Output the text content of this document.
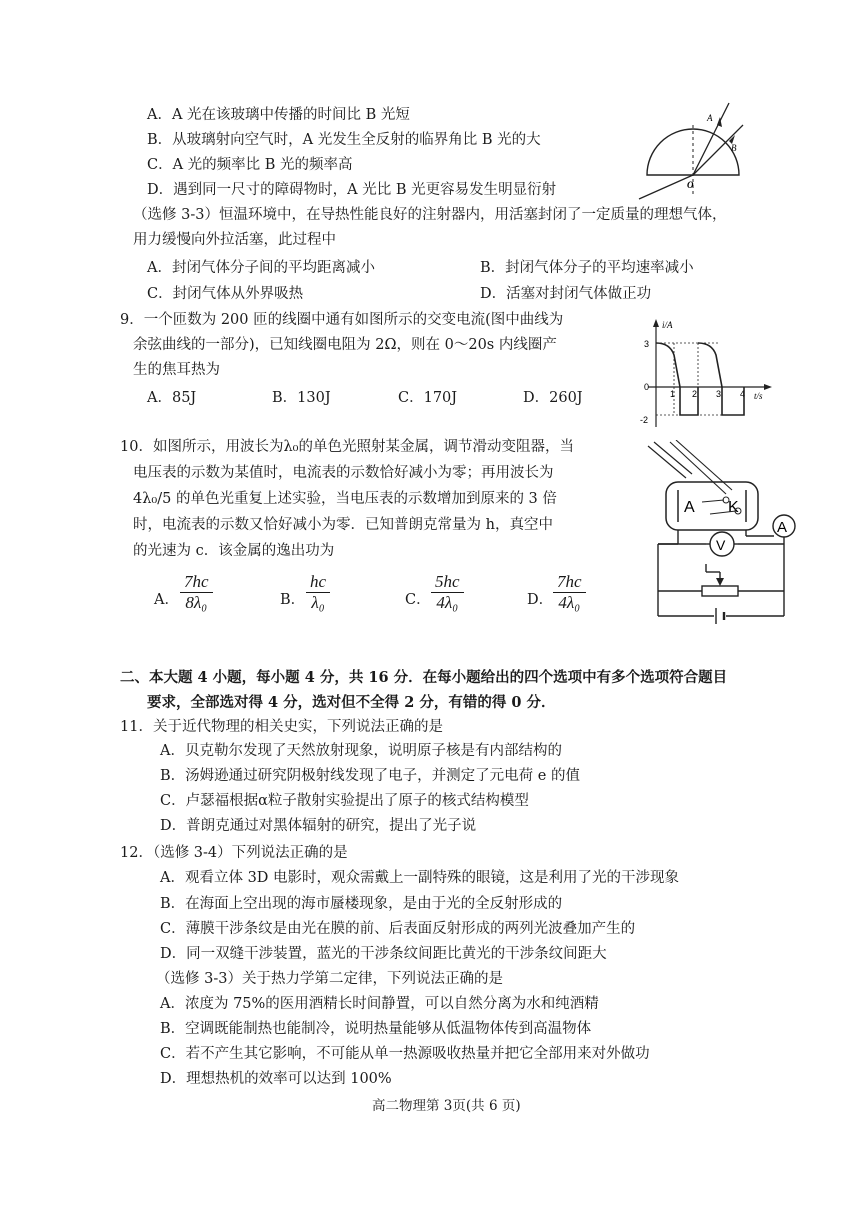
A．A 光在该玻璃中传播的时间比 B 光短
B．从玻璃射向空气时，A 光发生全反射的临界角比 B 光的大
C．A 光的频率比 B 光的频率高
D．遇到同一尺寸的障碍物时，A 光比 B 光更容易发生明显衍射
A
B
O
（选修 3-3）恒温环境中，在导热性能良好的注射器内，用活塞封闭了一定质量的理想气体，
用力缓慢向外拉活塞，此过程中
A．封闭气体分子间的平均距离减小	B．封闭气体分子的平均速率减小
C．封闭气体从外界吸热	D．活塞对封闭气体做正功
9．一个匝数为 200 匝的线圈中通有如图所示的交变电流(图中曲线为
余弦曲线的一部分)，已知线圈电阻为 2Ω，则在 0～20s 内线圈产
生的焦耳热为
A．85J	B．130J	C．170J	D．260J
i/A
t/s
3
0
-2
1 2 3 4
10．如图所示，用波长为λ₀的单色光照射某金属，调节滑动变阻器，当
电压表的示数为某值时，电流表的示数恰好减小为零；再用波长为
4λ₀/5 的单色光重复上述实验，当电压表的示数增加到原来的 3 倍
时，电流表的示数又恰好减小为零．已知普朗克常量为 h，真空中
的光速为 c．该金属的逸出功为
A． $\frac{7hc}{\text{8λ₀}}$	B． $\frac{hc}{\text{λ₀}}$	C． $\frac{5hc}{\text{4λ₀}}$	D． $\frac{7hc}{\text{4λ₀}}$
A K
A
V
二、本大题 4 小题，每小题 4 分，共 16 分．在每小题给出的四个选项中有多个选项符合题目
要求，全部选对得 4 分，选对但不全得 2 分，有错的得 0 分．
11．关于近代物理的相关史实，下列说法正确的是
A．贝克勒尔发现了天然放射现象，说明原子核是有内部结构的
B．汤姆逊通过研究阴极射线发现了电子，并测定了元电荷 e 的值
C．卢瑟福根据α粒子散射实验提出了原子的核式结构模型
D．普朗克通过对黑体辐射的研究，提出了光子说
12．（选修 3-4）下列说法正确的是
A．观看立体 3D 电影时，观众需戴上一副特殊的眼镜，这是利用了光的干涉现象
B．在海面上空出现的海市蜃楼现象，是由于光的全反射形成的
C．薄膜干涉条纹是由光在膜的前、后表面反射形成的两列光波叠加产生的
D．同一双缝干涉装置，蓝光的干涉条纹间距比黄光的干涉条纹间距大
（选修 3-3）关于热力学第二定律，下列说法正确的是
A．浓度为 75%的医用酒精长时间静置，可以自然分离为水和纯酒精
B．空调既能制热也能制冷，说明热量能够从低温物体传到高温物体
C．若不产生其它影响，不可能从单一热源吸收热量并把它全部用来对外做功
D．理想热机的效率可以达到 100%
高二物理第 3页(共 6 页)
